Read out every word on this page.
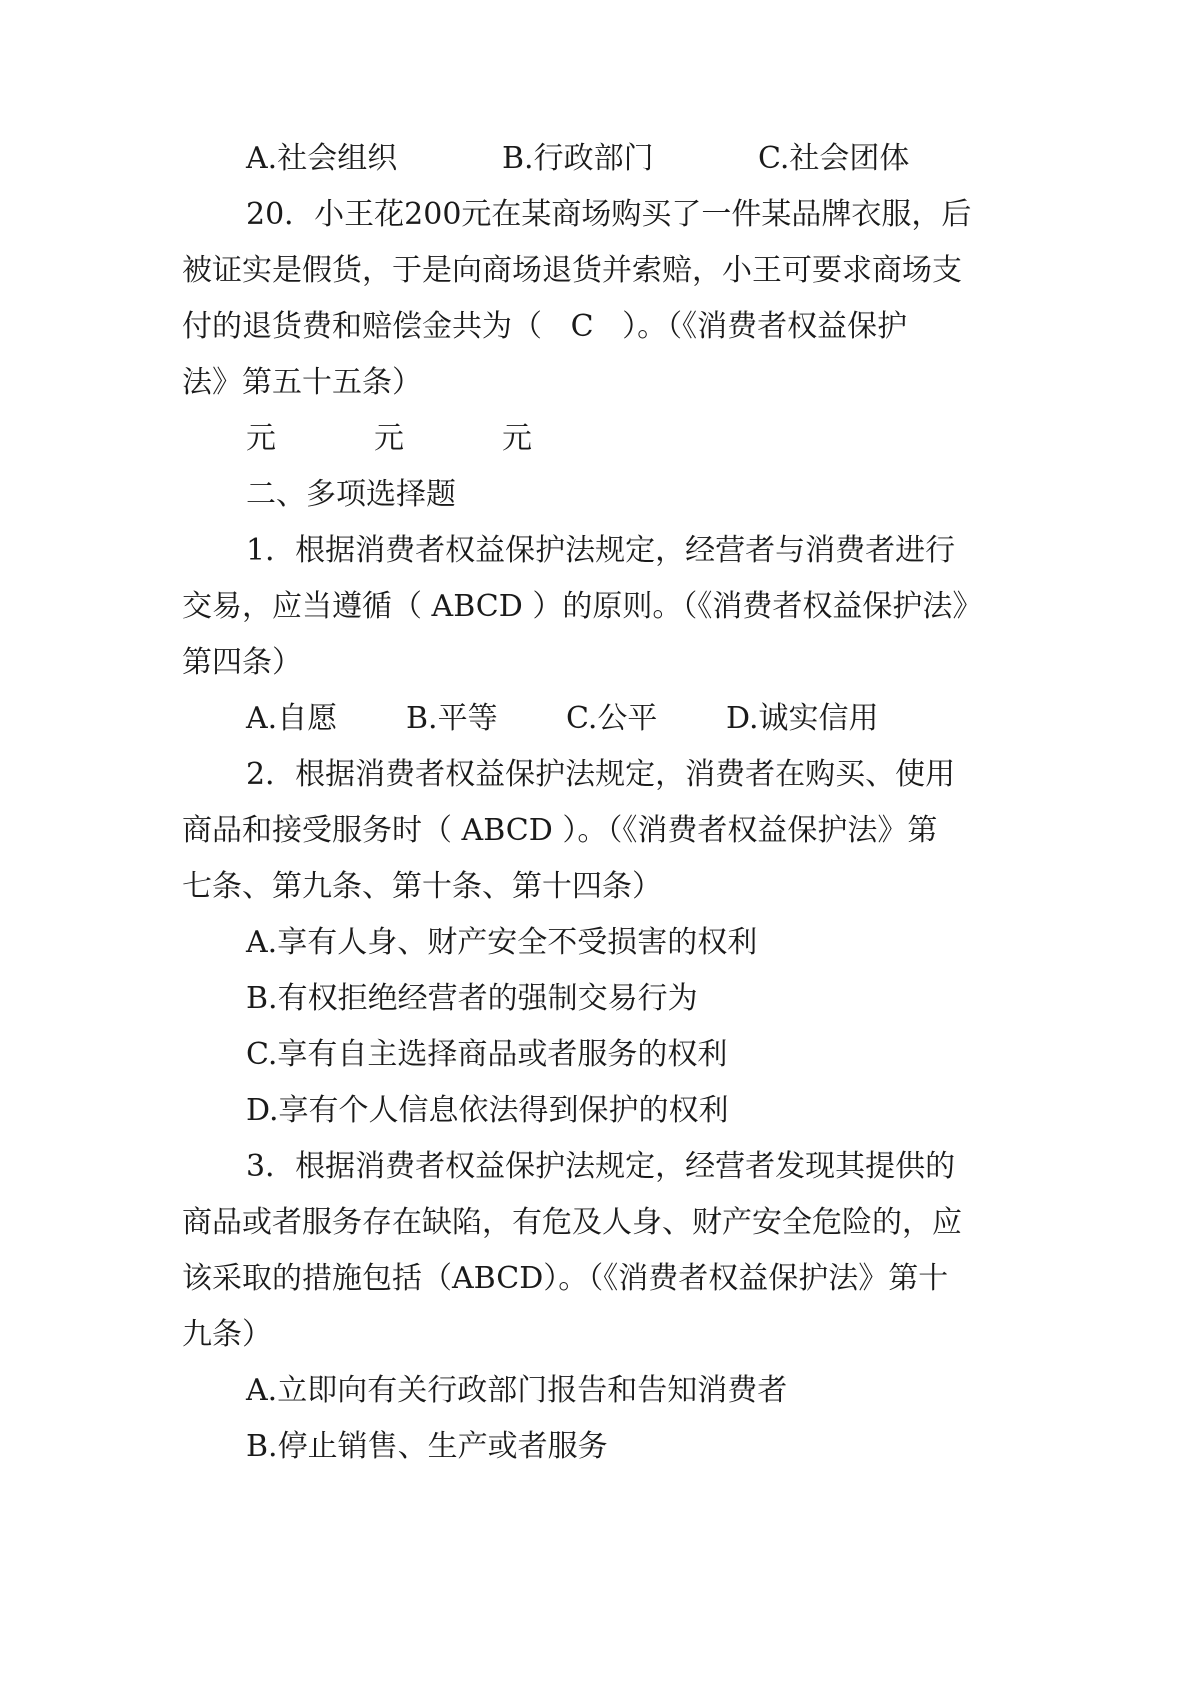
A.社会组织	B.行政部门	C.社会团体
20．小王花200元在某商场购买了一件某品牌衣服，后
被证实是假货，于是向商场退货并索赔，小王可要求商场支
付的退货费和赔偿金共为（   C   ）。（《消费者权益保护
法》第五十五条）
元	元	元
二、多项选择题
1．根据消费者权益保护法规定，经营者与消费者进行
交易，应当遵循（ ABCD ）的原则。（《消费者权益保护法》
第四条）
A.自愿 B.平等 C.公平 D.诚实信用
2．根据消费者权益保护法规定，消费者在购买、使用
商品和接受服务时（ ABCD ）。（《消费者权益保护法》第
七条、第九条、第十条、第十四条）
A.享有人身、财产安全不受损害的权利
B.有权拒绝经营者的强制交易行为
C.享有自主选择商品或者服务的权利
D.享有个人信息依法得到保护的权利
3．根据消费者权益保护法规定，经营者发现其提供的
商品或者服务存在缺陷，有危及人身、财产安全危险的，应
该采取的措施包括（ABCD）。（《消费者权益保护法》第十
九条）
A.立即向有关行政部门报告和告知消费者
B.停止销售、生产或者服务
